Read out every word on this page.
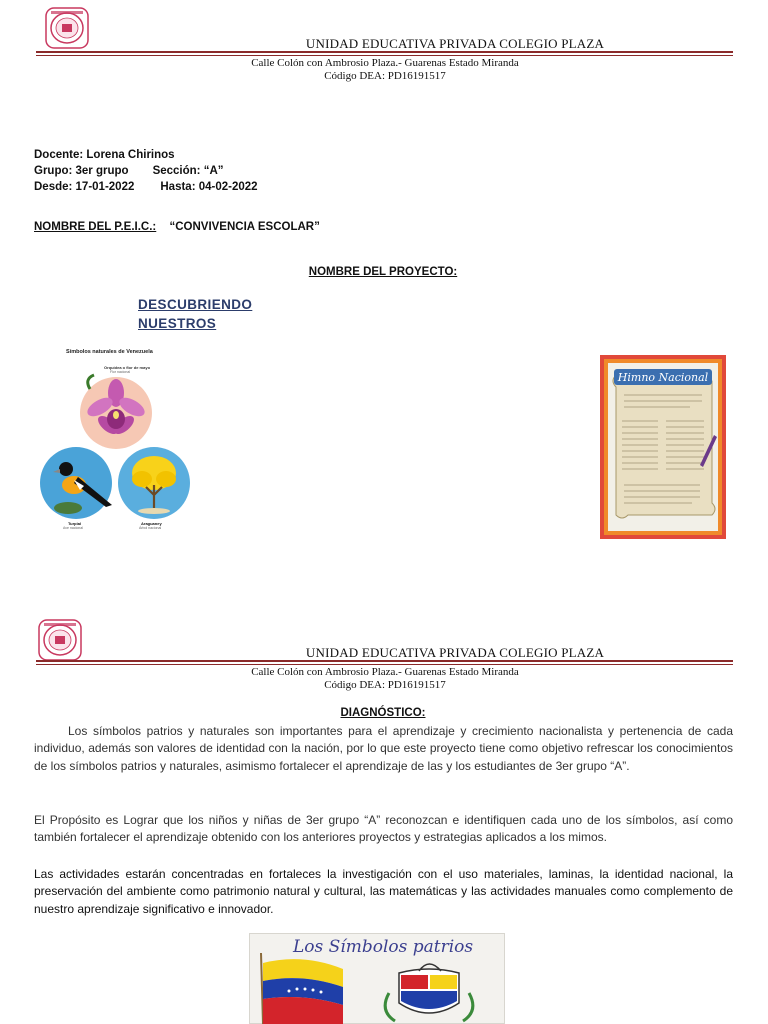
UNIDAD EDUCATIVA PRIVADA COLEGIO PLAZA
Calle Colón con Ambrosio Plaza.- Guarenas Estado Miranda
Código DEA: PD16191517
Docente: Lorena Chirinos
Grupo: 3er grupo Sección: “A”
Desde: 17-01-2022 Hasta: 04-02-2022
NOMBRE DEL P.E.I.C.: “CONVIVENCIA ESCOLAR”
NOMBRE DEL PROYECTO:
DESCUBRIENDO
NUESTROS
Símbolos naturales de Venezuela
Orquídea o flor de mayo
Flor nacional
Turpial
Ave nacional
Araguaney
Árbol nacional
Himno Nacional
UNIDAD EDUCATIVA PRIVADA COLEGIO PLAZA
Calle Colón con Ambrosio Plaza.- Guarenas Estado Miranda
Código DEA: PD16191517
DIAGNÓSTICO:

Los símbolos patrios y naturales son importantes para el aprendizaje y crecimiento nacionalista y pertenencia de cada individuo, además son valores de identidad con la nación, por lo que este proyecto tiene como objetivo refrescar los conocimientos de los símbolos patrios y naturales, asimismo fortalecer el aprendizaje de las y los estudiantes de 3er grupo “A”.

El Propósito es Lograr que los niños y niñas de 3er grupo “A” reconozcan e identifiquen cada uno de los símbolos, así como también fortalecer el aprendizaje obtenido con los anteriores proyectos y estrategias aplicados a los mimos.

Las actividades estarán concentradas en fortaleces la investigación con el uso materiales, laminas, la identidad nacional, la preservación del ambiente como patrimonio natural y cultural, las matemáticas y las actividades manuales como complemento de nuestro aprendizaje significativo e innovador.

Los Símbolos patrios
